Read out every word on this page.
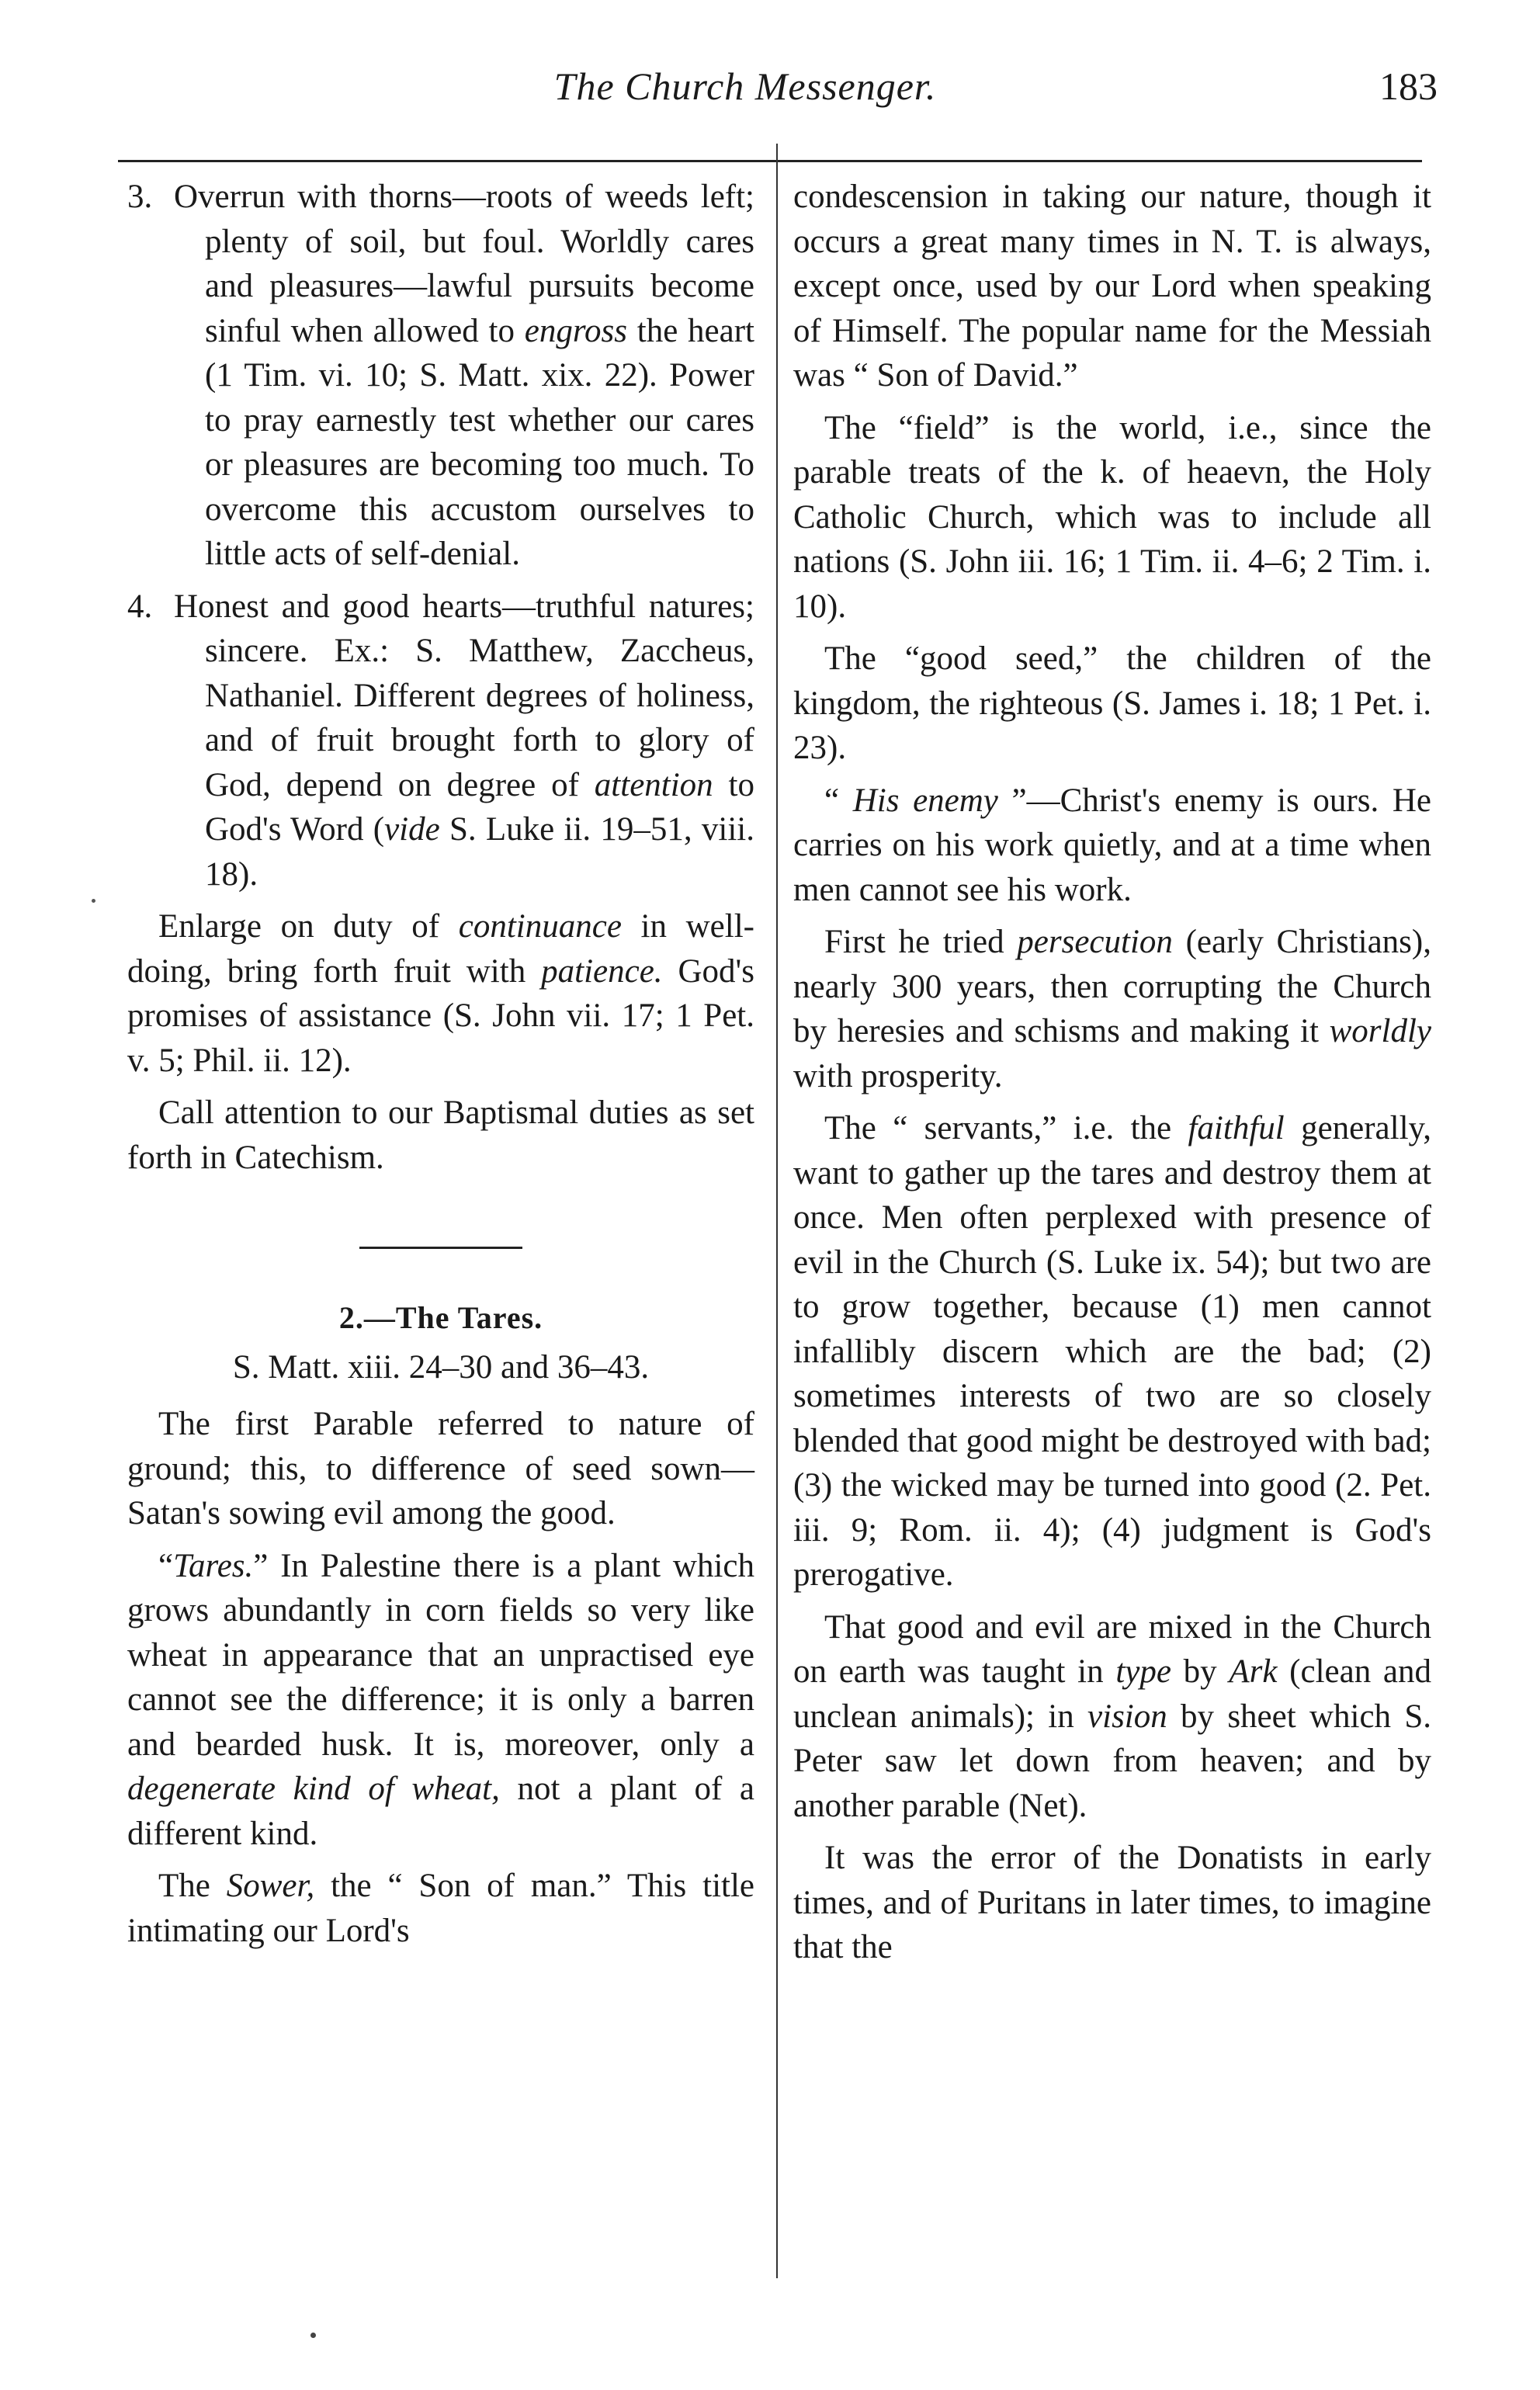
The Church Messenger.	183
3. Overrun with thorns—roots of weeds left; plenty of soil, but foul. Worldly cares and pleasures—lawful pursuits become sinful when allowed to engross the heart (1 Tim. vi. 10; S. Matt. xix. 22). Power to pray earnestly test whether our cares or pleasures are becoming too much. To overcome this accustom ourselves to little acts of self-denial.
4. Honest and good hearts—truthful natures; sincere. Ex.: S. Matthew, Zaccheus, Nathaniel. Different degrees of holiness, and of fruit brought forth to glory of God, depend on degree of attention to God's Word (vide S. Luke ii. 19–51, viii. 18).
Enlarge on duty of continuance in well-doing, bring forth fruit with patience. God's promises of assistance (S. John vii. 17; 1 Pet. v. 5; Phil. ii. 12).
Call attention to our Baptismal duties as set forth in Catechism.
2.—The Tares.
S. Matt. xiii. 24–30 and 36–43.
The first Parable referred to nature of ground; this, to difference of seed sown—Satan's sowing evil among the good.
“Tares.” In Palestine there is a plant which grows abundantly in corn fields so very like wheat in appearance that an unpractised eye cannot see the difference; it is only a barren and bearded husk. It is, moreover, only a degenerate kind of wheat, not a plant of a different kind.
The Sower, the “ Son of man.” This title intimating our Lord's
condescension in taking our nature, though it occurs a great many times in N. T. is always, except once, used by our Lord when speaking of Himself. The popular name for the Messiah was “ Son of David.”
The “field” is the world, i.e., since the parable treats of the k. of heaevn, the Holy Catholic Church, which was to include all nations (S. John iii. 16; 1 Tim. ii. 4–6; 2 Tim. i. 10).
The “good seed,” the children of the kingdom, the righteous (S. James i. 18; 1 Pet. i. 23).
“ His enemy ”—Christ's enemy is ours. He carries on his work quietly, and at a time when men cannot see his work.
First he tried persecution (early Christians), nearly 300 years, then corrupting the Church by heresies and schisms and making it worldly with prosperity.
The “ servants,” i.e. the faithful generally, want to gather up the tares and destroy them at once. Men often perplexed with presence of evil in the Church (S. Luke ix. 54); but two are to grow together, because (1) men cannot infallibly discern which are the bad; (2) sometimes interests of two are so closely blended that good might be destroyed with bad; (3) the wicked may be turned into good (2. Pet. iii. 9; Rom. ii. 4); (4) judgment is God's prerogative.
That good and evil are mixed in the Church on earth was taught in type by Ark (clean and unclean animals); in vision by sheet which S. Peter saw let down from heaven; and by another parable (Net).
It was the error of the Donatists in early times, and of Puritans in later times, to imagine that the
